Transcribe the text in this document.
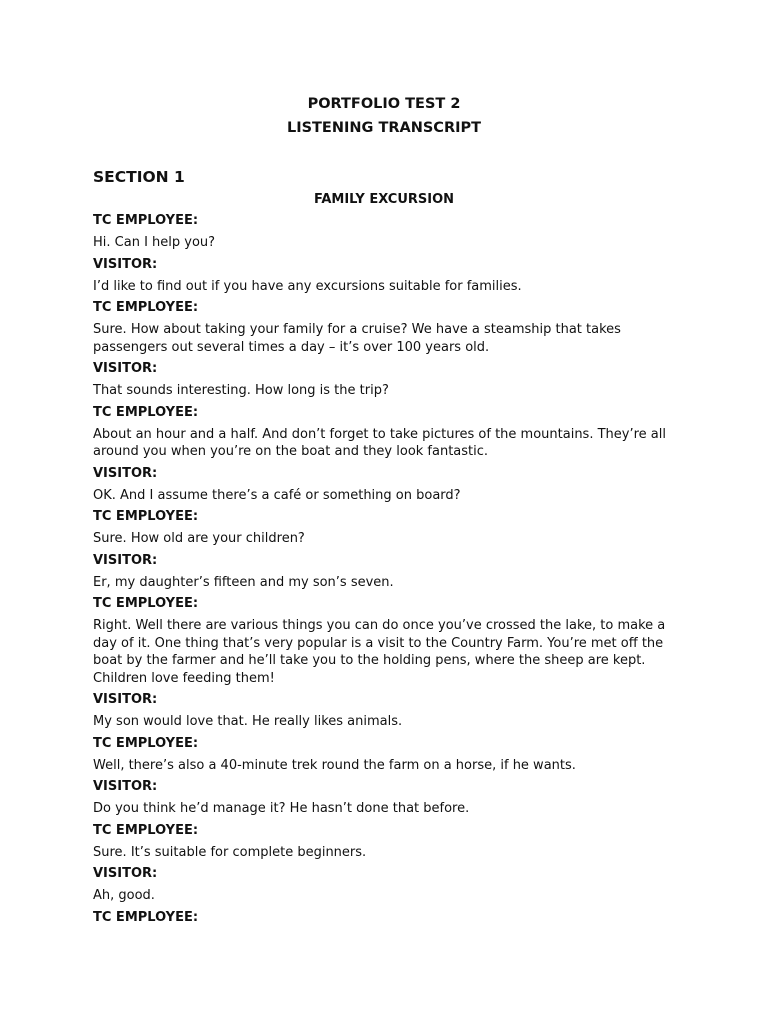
PORTFOLIO TEST 2

LISTENING TRANSCRIPT

SECTION 1

FAMILY EXCURSION

TC EMPLOYEE:

Hi. Can I help you?

VISITOR:

I’d like to find out if you have any excursions suitable for families.

TC EMPLOYEE:

Sure. How about taking your family for a cruise? We have a steamship that takes passengers out several times a day – it’s over 100 years old.

VISITOR:

That sounds interesting. How long is the trip?

TC EMPLOYEE:

About an hour and a half. And don’t forget to take pictures of the mountains. They’re all around you when you’re on the boat and they look fantastic.

VISITOR:

OK. And I assume there’s a café or something on board?

TC EMPLOYEE:

Sure. How old are your children?

VISITOR:

Er, my daughter’s fifteen and my son’s seven.

TC EMPLOYEE:

Right. Well there are various things you can do once you’ve crossed the lake, to make a day of it. One thing that’s very popular is a visit to the Country Farm. You’re met off the boat by the farmer and he’ll take you to the holding pens, where the sheep are kept. Children love feeding them!

VISITOR:

My son would love that. He really likes animals.

TC EMPLOYEE:

Well, there’s also a 40-minute trek round the farm on a horse, if he wants.

VISITOR:

Do you think he’d manage it? He hasn’t done that before.

TC EMPLOYEE:

Sure. It’s suitable for complete beginners.

VISITOR:

Ah, good.

TC EMPLOYEE:
